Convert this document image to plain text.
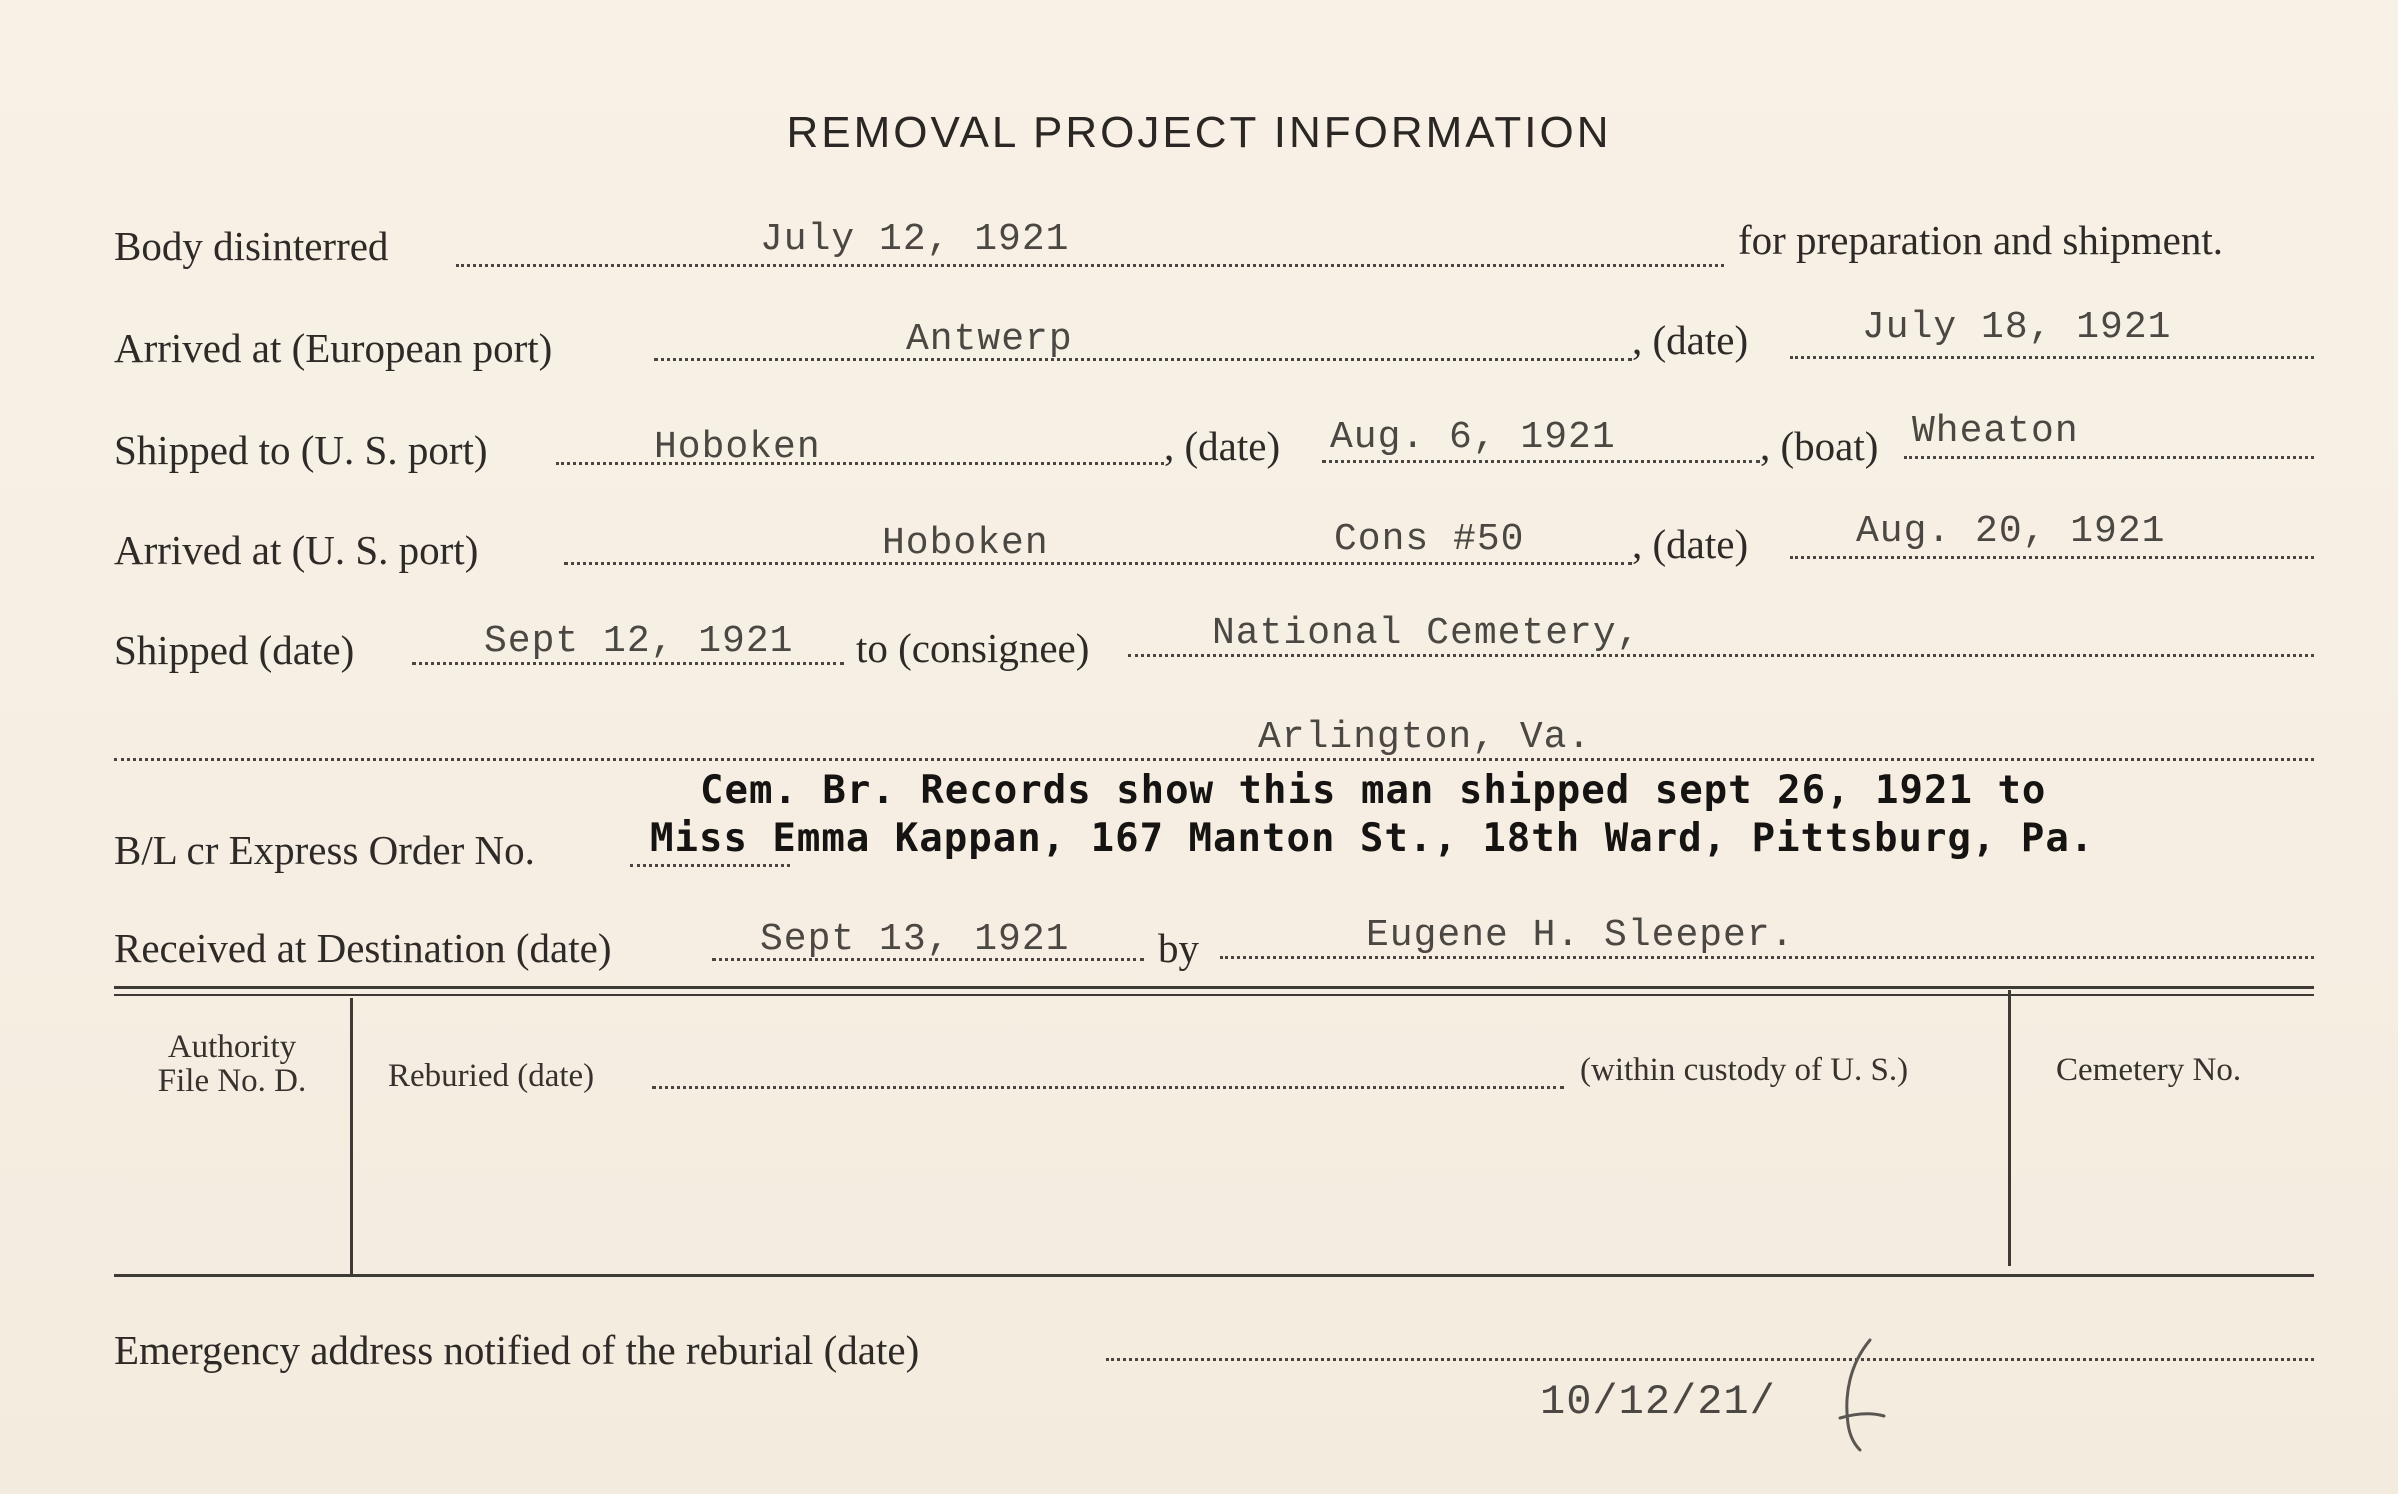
REMOVAL PROJECT INFORMATION
Body disinterred	July 12, 1921	for preparation and shipment.
Arrived at (European port)	Antwerp	, (date)	July 18, 1921
Shipped to (U. S. port)	Hoboken	, (date) Aug. 6, 1921	, (boat) Wheaton
Arrived at (U. S. port)	Hoboken	Cons #50	, (date)	Aug. 20, 1921
Shipped (date)	Sept 12, 1921 to (consignee)	National Cemetery,
Arlington, Va.
Cem. Br. Records show this man shipped sept 26, 1921 to
B/L cr Express Order No.	Miss Emma Kappan, 167 Manton St., 18th Ward, Pittsburg, Pa.
Received at Destination (date)	Sept 13, 1921 by	Eugene H. Sleeper.
Authority
File No. D.	Reburied (date)	(within custody of U. S.)	Cemetery No.
Emergency address notified of the reburial (date)
10/12/21/
